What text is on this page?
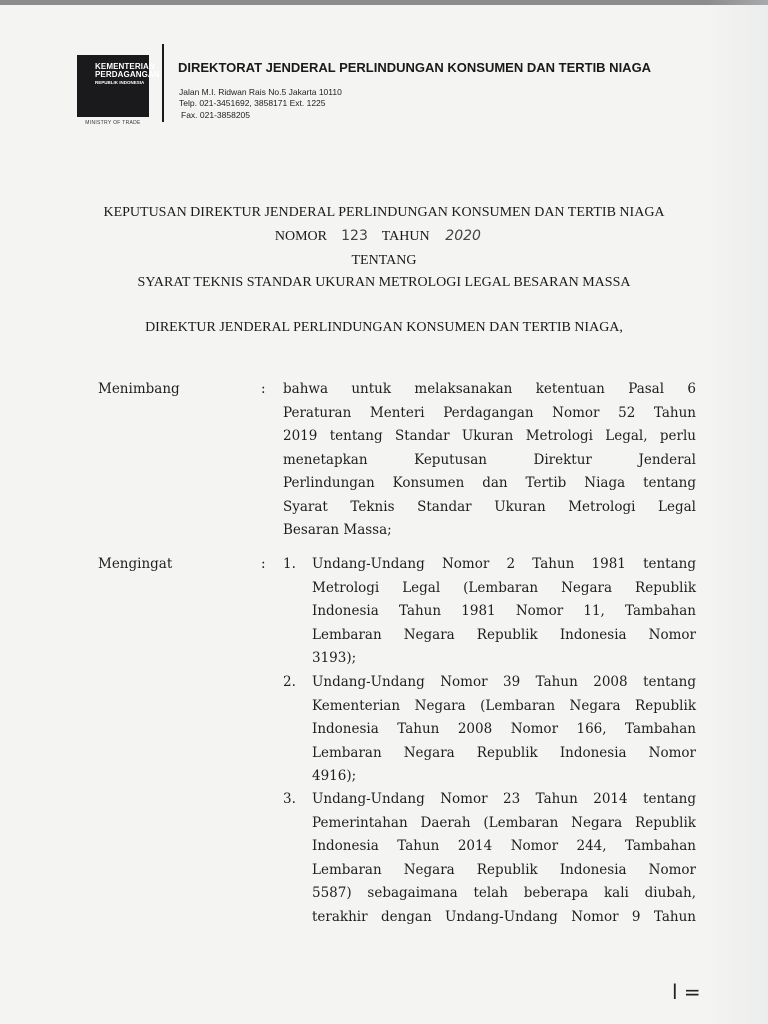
KEMENTERIAN
PERDAGANGAN
REPUBLIK INDONESIA
MINISTRY OF TRADE
DIREKTORAT JENDERAL PERLINDUNGAN KONSUMEN DAN TERTIB NIAGA
Jalan M.I. Ridwan Rais No.5 Jakarta 10110
Telp. 021-3451692, 3858171 Ext. 1225
Fax. 021-3858205
KEPUTUSAN DIREKTUR JENDERAL PERLINDUNGAN KONSUMEN DAN TERTIB NIAGA
NOMOR 123 TAHUN 2020
TENTANG
SYARAT TEKNIS STANDAR UKURAN METROLOGI LEGAL BESARAN MASSA
DIREKTUR JENDERAL PERLINDUNGAN KONSUMEN DAN TERTIB NIAGA,
Menimbang	: bahwa untuk melaksanakan ketentuan Pasal 6
Peraturan Menteri Perdagangan Nomor 52 Tahun
2019 tentang Standar Ukuran Metrologi Legal, perlu
menetapkan Keputusan Direktur Jenderal
Perlindungan Konsumen dan Tertib Niaga tentang
Syarat Teknis Standar Ukuran Metrologi Legal
Besaran Massa;
Mengingat	: 1. Undang-Undang Nomor 2 Tahun 1981 tentang
Metrologi Legal (Lembaran Negara Republik
Indonesia Tahun 1981 Nomor 11, Tambahan
Lembaran Negara Republik Indonesia Nomor
3193);
2. Undang-Undang Nomor 39 Tahun 2008 tentang
Kementerian Negara (Lembaran Negara Republik
Indonesia Tahun 2008 Nomor 166, Tambahan
Lembaran Negara Republik Indonesia Nomor
4916);
3. Undang-Undang Nomor 23 Tahun 2014 tentang
Pemerintahan Daerah (Lembaran Negara Republik
Indonesia Tahun 2014 Nomor 244, Tambahan
Lembaran Negara Republik Indonesia Nomor
5587) sebagaimana telah beberapa kali diubah,
terakhir dengan Undang-Undang Nomor 9 Tahun
l =
